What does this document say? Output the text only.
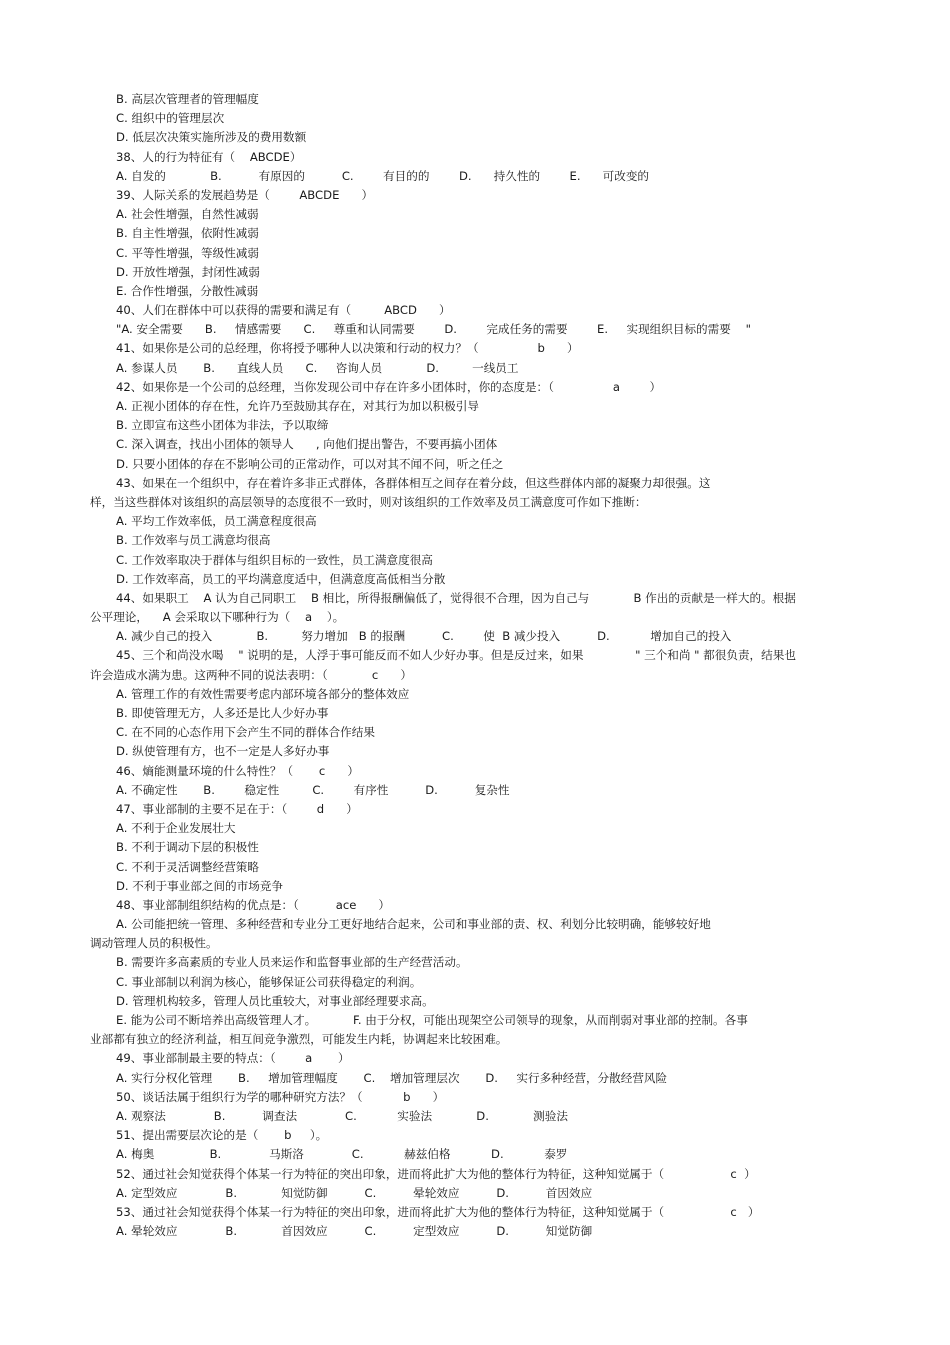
B. 高层次管理者的管理幅度
C. 组织中的管理层次
D. 低层次决策实施所涉及的费用数额
38、人的行为特征有（    ABCDE）
A. 自发的            B.          有原因的          C.        有目的的        D.      持久性的        E.      可改变的
39、人际关系的发展趋势是（        ABCDE      ）
A. 社会性增强，自然性减弱
B. 自主性增强，依附性减弱
C. 平等性增强，等级性减弱
D. 开放性增强，封闭性减弱
E. 合作性增强，分散性减弱
40、人们在群体中可以获得的需要和满足有（         ABCD      ）
"A. 安全需要      B.     情感需要      C.     尊重和认同需要        D.        完成任务的需要        E.     实现组织目标的需要    "
41、如果你是公司的总经理，你将授予哪种人以决策和行动的权力？（                b      ）
A. 参谋人员       B.      直线人员      C.     咨询人员            D.         一线员工
42、如果你是一个公司的总经理，当你发现公司中存在许多小团体时，你的态度是：（                a        ）
A. 正视小团体的存在性，允许乃至鼓励其存在，对其行为加以积极引导
B. 立即宣布这些小团体为非法，予以取缔
C. 深入调查，找出小团体的领导人      , 向他们提出警告，不要再搞小团体
D. 只要小团体的存在不影响公司的正常动作，可以对其不闻不问，听之任之
43、如果在一个组织中，存在着许多非正式群体，各群体相互之间存在着分歧，但这些群体内部的凝聚力却很强。这
样，当这些群体对该组织的高层领导的态度很不一致时，则对该组织的工作效率及员工满意度可作如下推断：
A. 平均工作效率低，员工满意程度很高
B. 工作效率与员工满意均很高
C. 工作效率取决于群体与组织目标的一致性，员工满意度很高
D. 工作效率高，员工的平均满意度适中，但满意度高低相当分散
44、如果职工    A 认为自己同职工    B 相比，所得报酬偏低了，觉得很不合理，因为自己与            B 作出的贡献是一样大的。根据
公平理论，    A 会采取以下哪种行为（    a    ）。
A. 减少自己的投入            B.         努力增加   B 的报酬          C.        使  B 减少投入          D.           增加自己的投入
45、三个和尚没水喝    " 说明的是，人浮于事可能反而不如人少好办事。但是反过来，如果              " 三个和尚 " 都很负责，结果也
许会造成水满为患。这两种不同的说法表明：（            c      ）
A. 管理工作的有效性需要考虑内部环境各部分的整体效应
B. 即使管理无方，人多还是比人少好办事
C. 在不同的心态作用下会产生不同的群体合作结果
D. 纵使管理有方，也不一定是人多好办事
46、熵能测量环境的什么特性？（       c      ）
A. 不确定性       B.        稳定性         C.        有序性          D.          复杂性
47、事业部制的主要不足在于：（        d      ）
A. 不利于企业发展壮大
B. 不利于调动下层的积极性
C. 不利于灵活调整经营策略
D. 不利于事业部之间的市场竞争
48、事业部制组织结构的优点是：（          ace      ）
A. 公司能把统一管理、多种经营和专业分工更好地结合起来，公司和事业部的责、权、利划分比较明确，能够较好地
调动管理人员的积极性。
B. 需要许多高素质的专业人员来运作和监督事业部的生产经营活动。
C. 事业部制以利润为核心，能够保证公司获得稳定的利润。
D. 管理机构较多，管理人员比重较大，对事业部经理要求高。
E. 能为公司不断培养出高级管理人才。          F. 由于分权，可能出现架空公司领导的现象，从而削弱对事业部的控制。各事
业部都有独立的经济利益，相互间竞争激烈，可能发生内耗，协调起来比较困难。
49、事业部制最主要的特点：（        a       ）
A. 实行分权化管理       B.     增加管理幅度       C.    增加管理层次       D.     实行多种经营，分散经营风险
50、谈话法属于组织行为学的哪种研究方法？（           b      ）
A. 观察法             B.          调查法             C.           实验法            D.            测验法
51、提出需要层次论的是（       b     ）。
A. 梅奥               B.             马斯洛             C.           赫兹伯格           D.           泰罗
52、通过社会知觉获得个体某一行为特征的突出印象，进而将此扩大为他的整体行为特征，这种知觉属于（                  c  ）
A. 定型效应             B.            知觉防御          C.          晕轮效应          D.          首因效应
53、通过社会知觉获得个体某一行为特征的突出印象，进而将此扩大为他的整体行为特征，这种知觉属于（                  c   ）
A. 晕轮效应             B.            首因效应          C.          定型效应          D.          知觉防御
